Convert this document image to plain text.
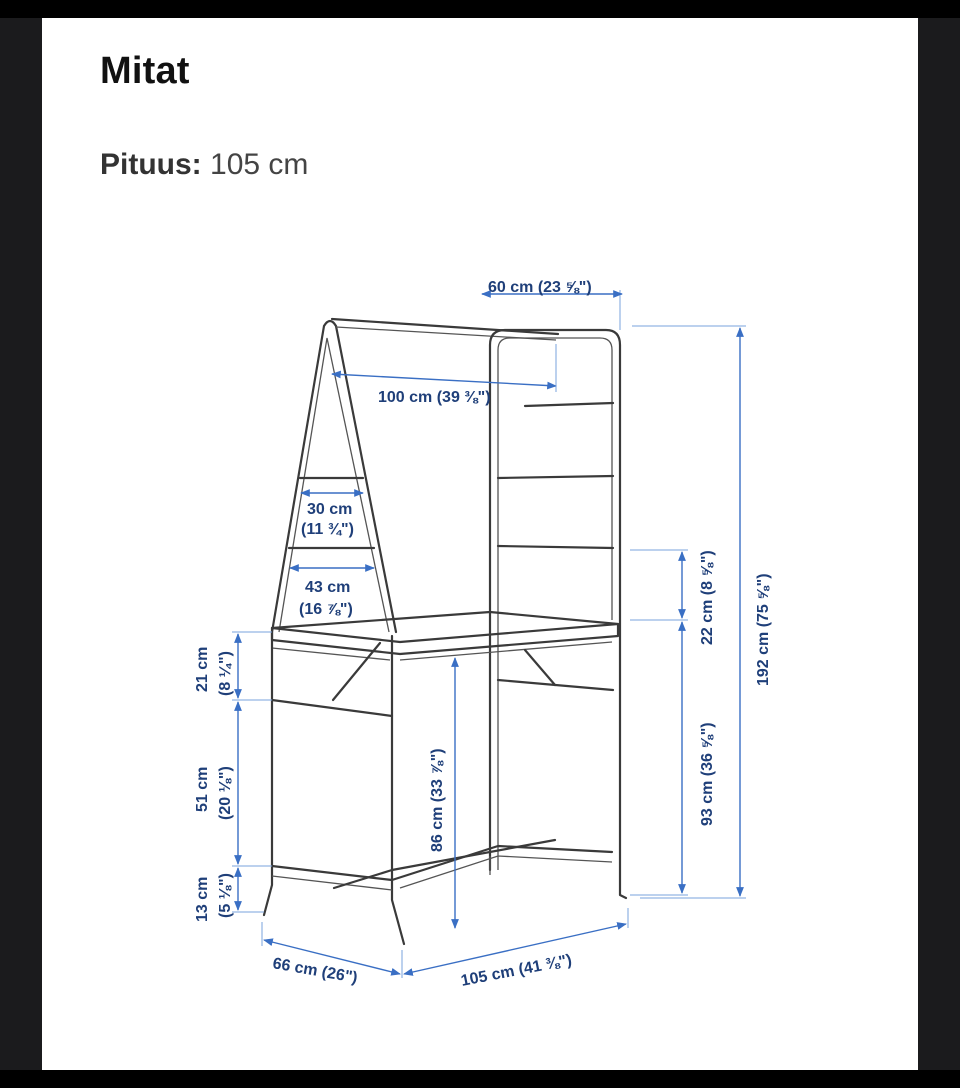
Mitat
Pituus: 105 cm
60 cm (23 ⅝")
100 cm (39 ⅜")
30 cm
(11 ¾")
43 cm
(16 ⅞")
21 cm (8 ¼")
51 cm (20 ⅛")
13 cm (5 ⅛")
86 cm (33 ⅞")
22 cm (8 ⅝")
93 cm (36 ⅝")
192 cm (75 ⅝")
66 cm (26")	105 cm (41 ⅜")
